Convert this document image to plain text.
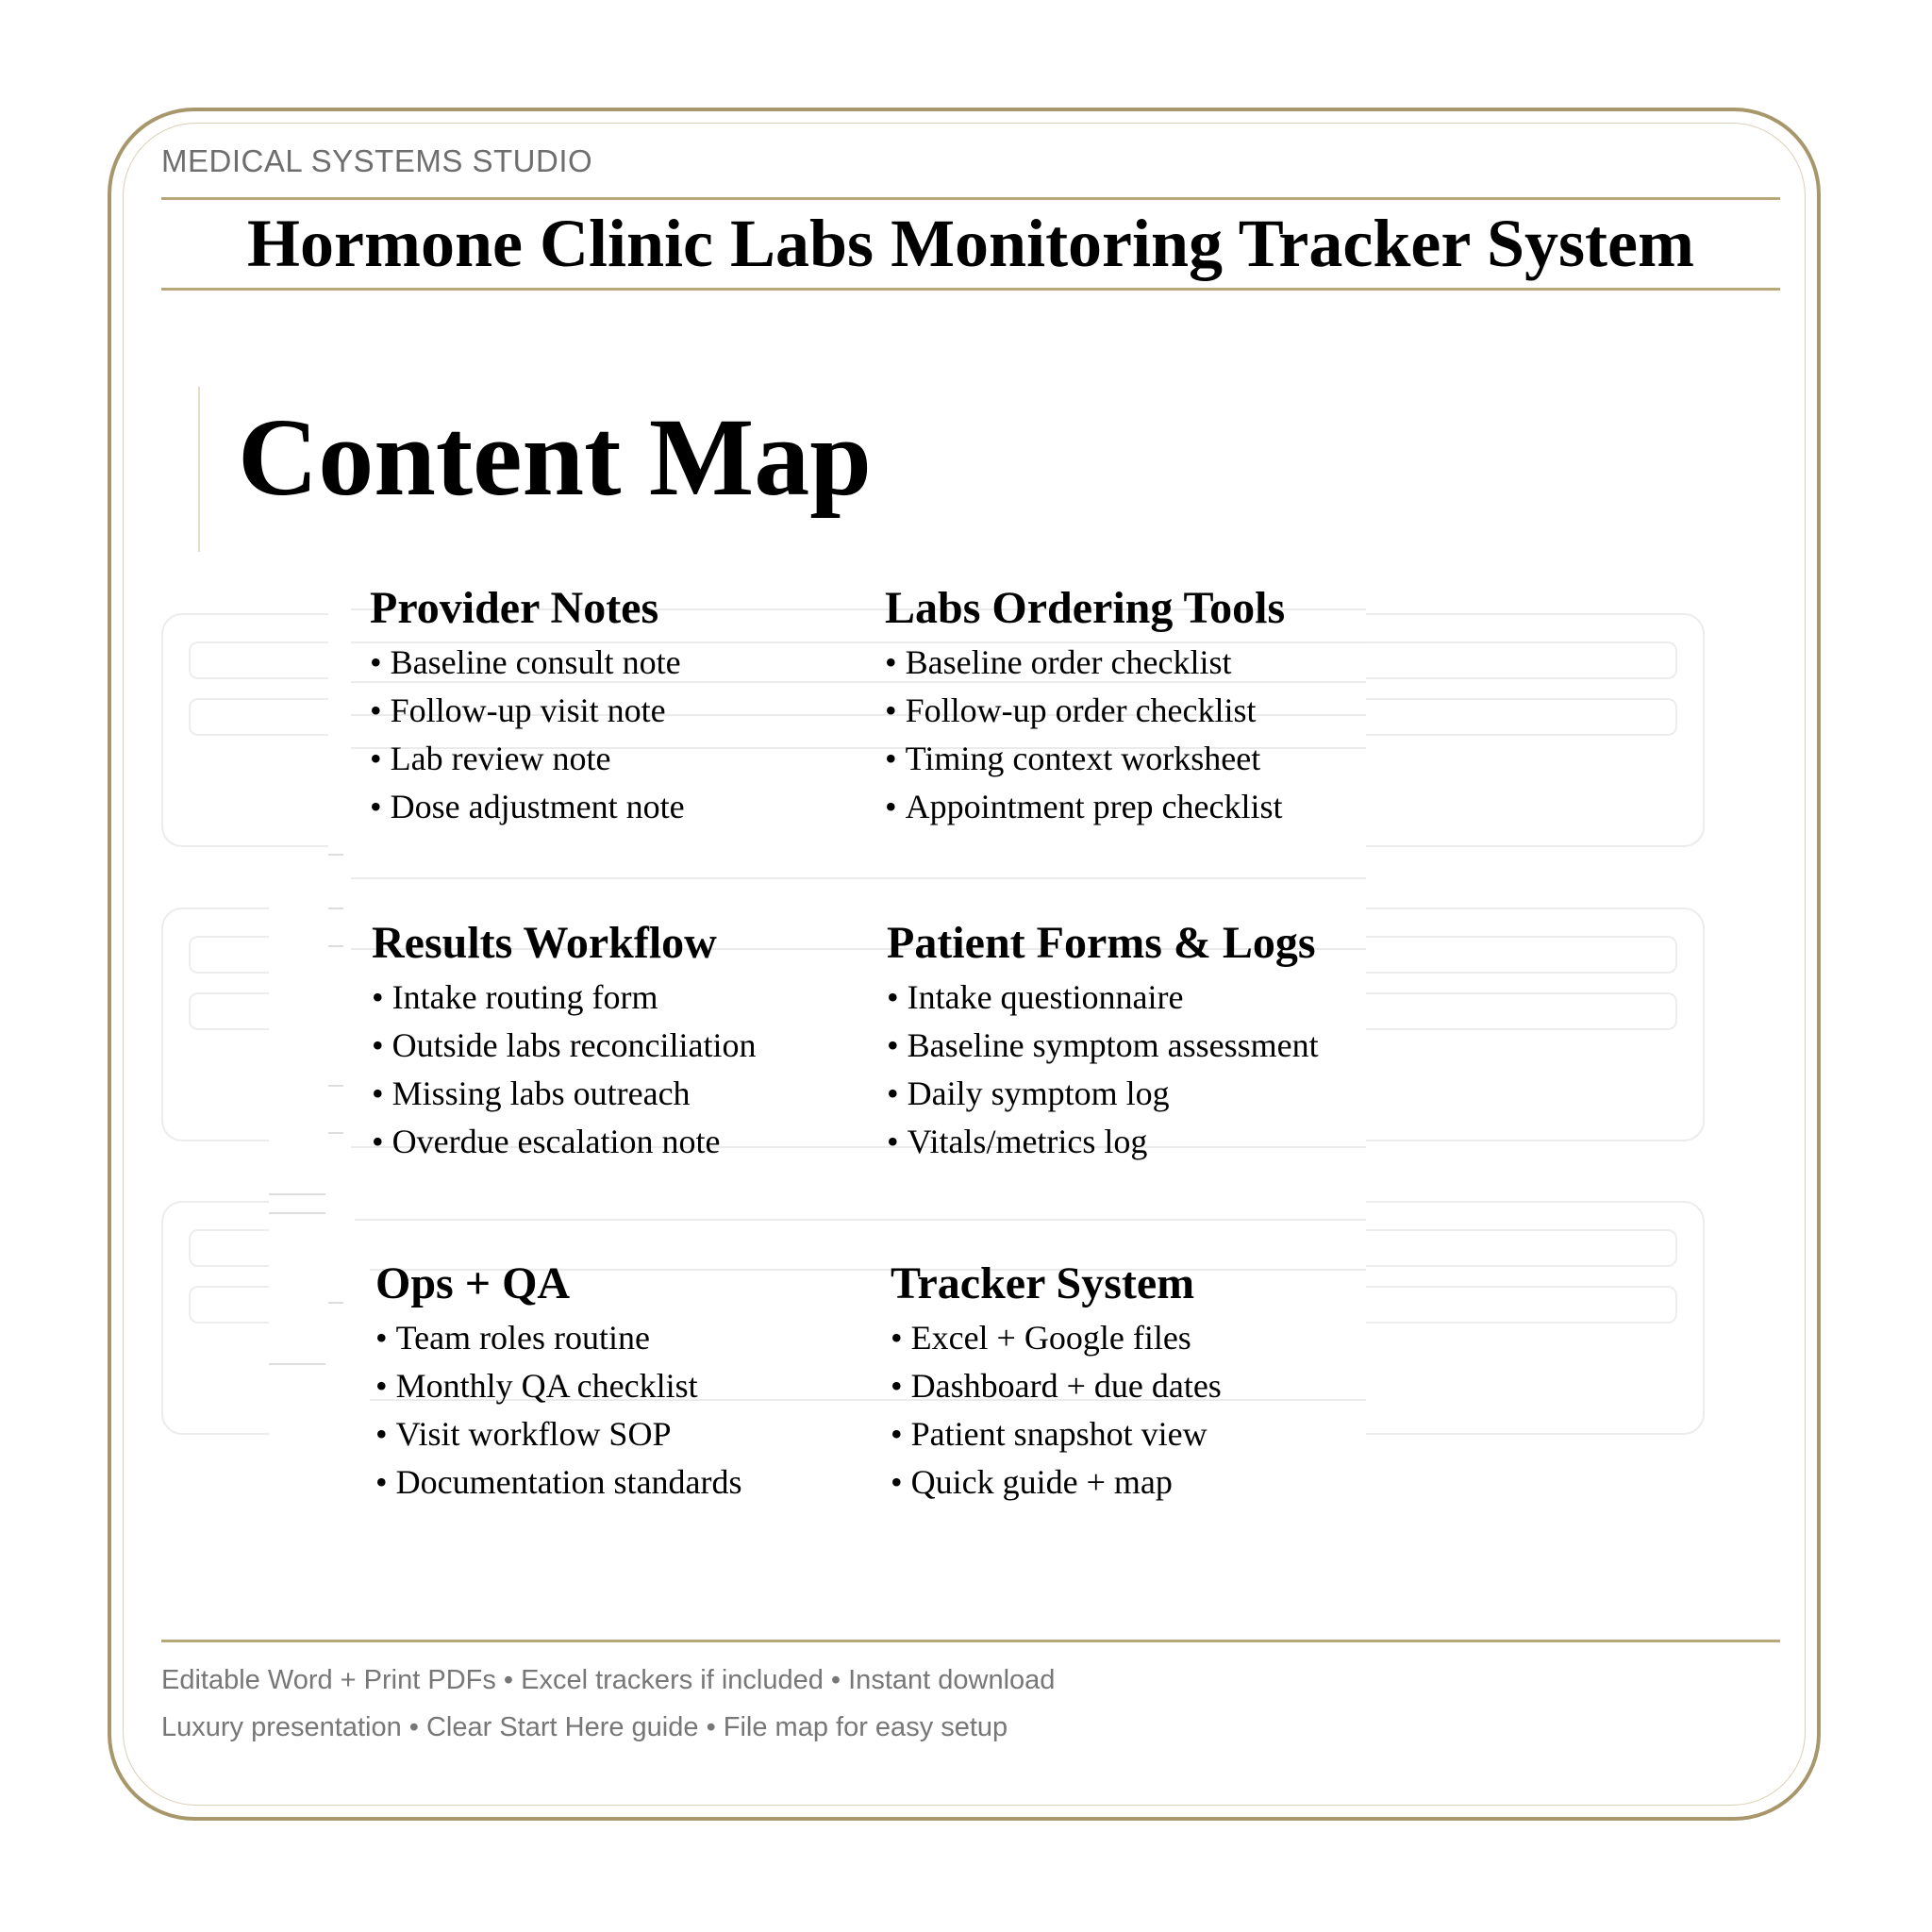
MEDICAL SYSTEMS STUDIO
Hormone Clinic Labs Monitoring Tracker System
Content Map
Provider Notes
• Baseline consult note
• Follow-up visit note
• Lab review note
• Dose adjustment note
Labs Ordering Tools
• Baseline order checklist
• Follow-up order checklist
• Timing context worksheet
• Appointment prep checklist
Results Workflow
• Intake routing form
• Outside labs reconciliation
• Missing labs outreach
• Overdue escalation note
Patient Forms & Logs
• Intake questionnaire
• Baseline symptom assessment
• Daily symptom log
• Vitals/metrics log
Ops + QA
• Team roles routine
• Monthly QA checklist
• Visit workflow SOP
• Documentation standards
Tracker System
• Excel + Google files
• Dashboard + due dates
• Patient snapshot view
• Quick guide + map
Editable Word + Print PDFs • Excel trackers if included • Instant download
Luxury presentation • Clear Start Here guide • File map for easy setup
